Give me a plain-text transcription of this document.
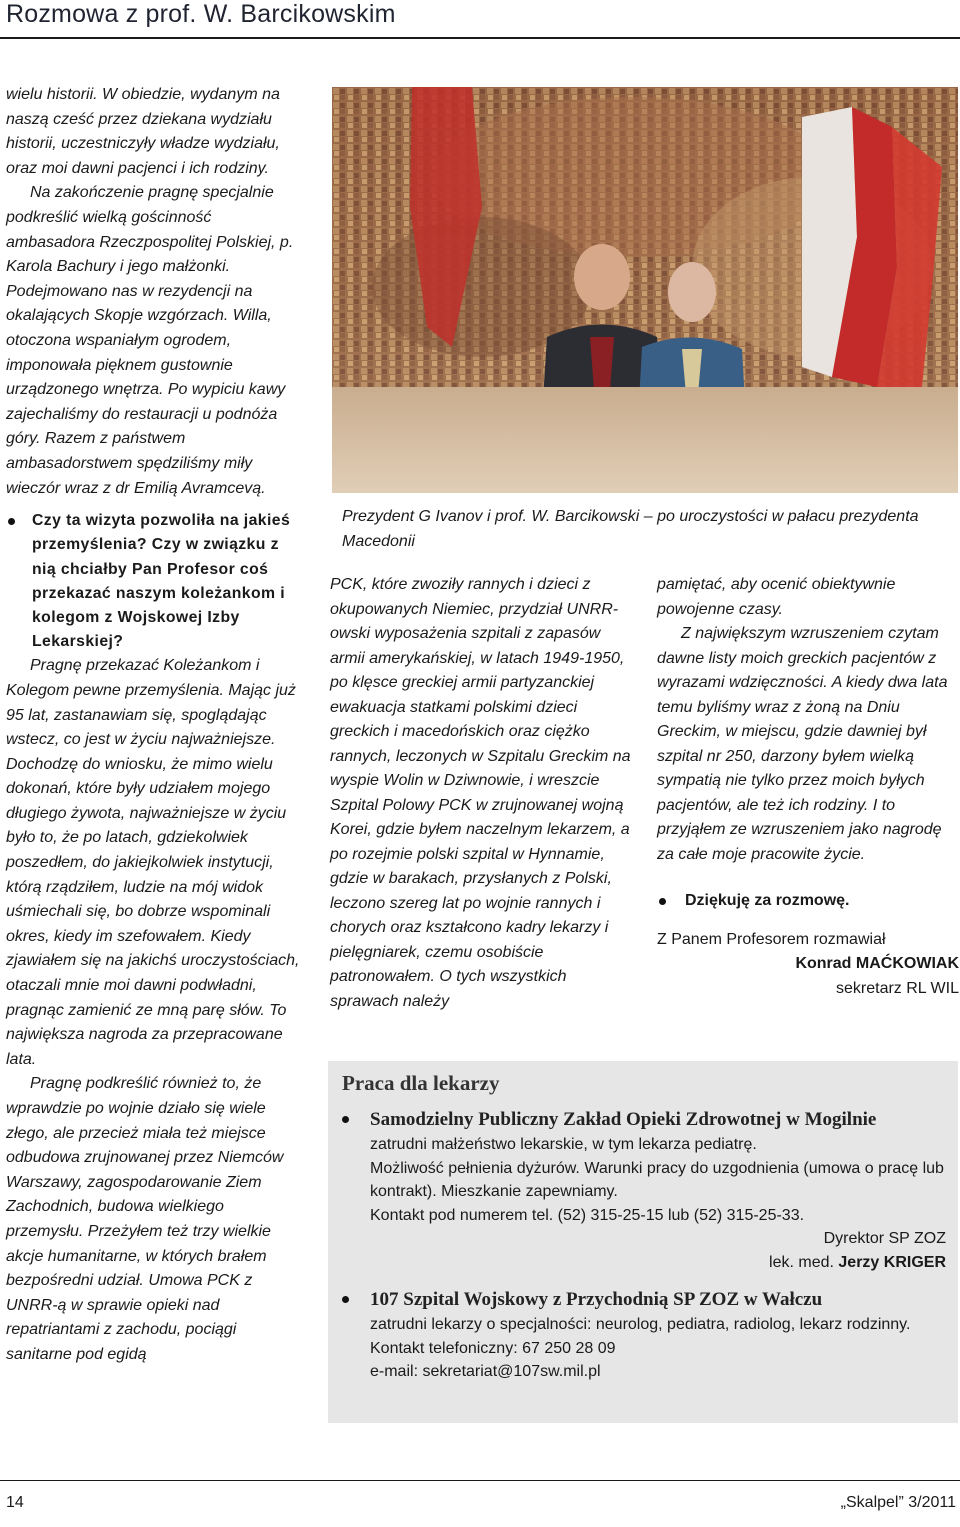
Rozmowa z prof. W. Barcikowskim

wielu historii. W obiedzie, wydanym na naszą cześć przez dziekana wydziału historii, uczestniczyły władze wydziału, oraz moi dawni pacjenci i ich rodziny.

Na zakończenie pragnę specjalnie podkreślić wielką gościnność ambasadora Rzeczpospolitej Polskiej, p. Karola Bachury i jego małżonki. Podejmowano nas w rezydencji na okalających Skopje wzgórzach. Willa, otoczona wspaniałym ogrodem, imponowała pięknem gustownie urządzonego wnętrza. Po wypiciu kawy zajechaliśmy do restauracji u podnóża góry. Razem z państwem ambasadorstwem spędziliśmy miły wieczór wraz z dr Emilią Avramcevą.

Czy ta wizyta pozwoliła na jakieś przemyślenia? Czy w związku z nią chciałby Pan Profesor coś przekazać naszym koleżankom i kolegom z Wojskowej Izby Lekarskiej?

Pragnę przekazać Koleżankom i Kolegom pewne przemyślenia. Mając już 95 lat, zastanawiam się, spoglądając wstecz, co jest w życiu najważniejsze. Dochodzę do wniosku, że mimo wielu dokonań, które były udziałem mojego długiego żywota, najważniejsze w życiu było to, że po latach, gdziekolwiek poszedłem, do jakiejkolwiek instytucji, którą rządziłem, ludzie na mój widok uśmiechali się, bo dobrze wspominali okres, kiedy im szefowałem. Kiedy zjawiałem się na jakichś uroczystościach, otaczali mnie moi dawni podwładni, pragnąc zamienić ze mną parę słów. To największa nagroda za przepracowane lata.

Pragnę podkreślić również to, że wprawdzie po wojnie działo się wiele złego, ale przecież miała też miejsce odbudowa zrujnowanej przez Niemców Warszawy, zagospodarowanie Ziem Zachodnich, budowa wielkiego przemysłu. Przeżyłem też trzy wielkie akcje humanitarne, w których brałem bezpośredni udział. Umowa PCK z UNRR-ą w sprawie opieki nad repatriantami z zachodu, pociągi sanitarne pod egidą

Prezydent G Ivanov i prof. W. Barcikowski – po uroczystości w pałacu prezydenta Macedonii

PCK, które zwoziły rannych i dzieci z okupowanych Niemiec, przydział UNRR-owski wyposażenia szpitali z zapasów armii amerykańskiej, w latach 1949-1950, po klęsce greckiej armii partyzanckiej ewakuacja statkami polskimi dzieci greckich i macedońskich oraz ciężko rannych, leczonych w Szpitalu Greckim na wyspie Wolin w Dziwnowie, i wreszcie Szpital Polowy PCK w zrujnowanej wojną Korei, gdzie byłem naczelnym lekarzem, a po rozejmie polski szpital w Hynnamie, gdzie w barakach, przysłanych z Polski, leczono szereg lat po wojnie rannych i chorych oraz kształcono kadry lekarzy i pielęgniarek, czemu osobiście patronowałem. O tych wszystkich sprawach należy

pamiętać, aby ocenić obiektywnie powojenne czasy.

Z największym wzruszeniem czytam dawne listy moich greckich pacjentów z wyrazami wdzięczności. A kiedy dwa lata temu byliśmy wraz z żoną na Dniu Greckim, w miejscu, gdzie dawniej był szpital nr 250, darzony byłem wielką sympatią nie tylko przez moich byłych pacjentów, ale też ich rodziny. I to przyjąłem ze wzruszeniem jako nagrodę za całe moje pracowite życie.

Dziękuję za rozmowę.

Z Panem Profesorem rozmawiał

Konrad MAĆKOWIAK

sekretarz RL WIL

Praca dla lekarzy

Samodzielny Publiczny Zakład Opieki Zdrowotnej w Mogilnie

zatrudni małżeństwo lekarskie, w tym lekarza pediatrę.

Możliwość pełnienia dyżurów. Warunki pracy do uzgodnienia (umowa o pracę lub kontrakt). Mieszkanie zapewniamy.

Kontakt pod numerem tel. (52) 315-25-15 lub (52) 315-25-33.

Dyrektor SP ZOZ

lek. med. Jerzy KRIGER

107 Szpital Wojskowy z Przychodnią SP ZOZ w Wałczu

zatrudni lekarzy o specjalności: neurolog, pediatra, radiolog, lekarz rodzinny.

Kontakt telefoniczny: 67 250 28 09

e-mail: sekretariat@107sw.mil.pl

14	„Skalpel” 3/2011
